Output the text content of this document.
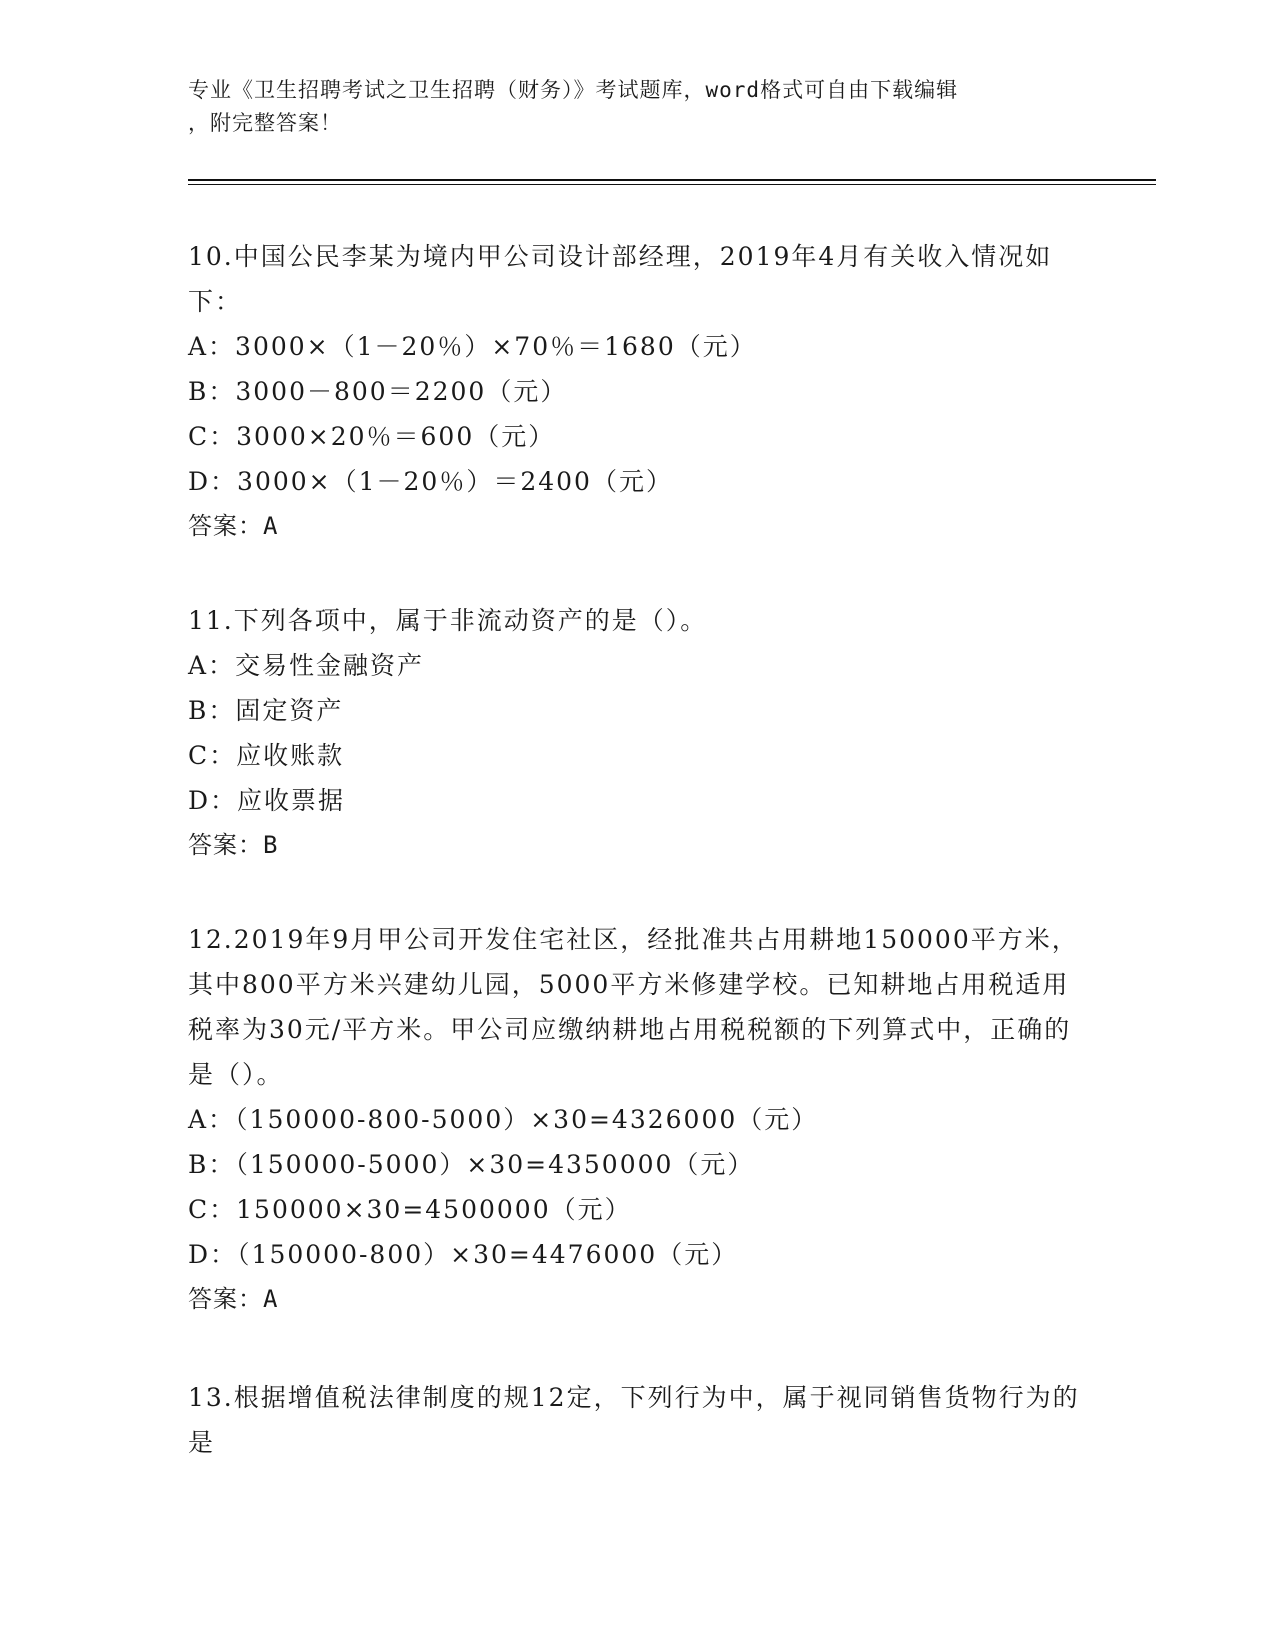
专业《卫生招聘考试之卫生招聘（财务）》考试题库，word格式可自由下载编辑
，附完整答案！
10.中国公民李某为境内甲公司设计部经理，2019年4月有关收入情况如下：
A：3000×（1－20％）×70％＝1680（元）
B：3000－800＝2200（元）
C：3000×20％＝600（元）
D：3000×（1－20％）＝2400（元）
答案：A
11.下列各项中，属于非流动资产的是（）。
A：交易性金融资产
B：固定资产
C：应收账款
D：应收票据
答案：B
12.2019年9月甲公司开发住宅社区，经批准共占用耕地150000平方米，其中800平方米兴建幼儿园，5000平方米修建学校。已知耕地占用税适用税率为30元/平方米。甲公司应缴纳耕地占用税税额的下列算式中，正确的是（）。
A：（150000-800-5000）×30=4326000（元）
B：（150000-5000）×30=4350000（元）
C：150000×30=4500000（元）
D：（150000-800）×30=4476000（元）
答案：A
13.根据增值税法律制度的规12定，下列行为中，属于视同销售货物行为的是
